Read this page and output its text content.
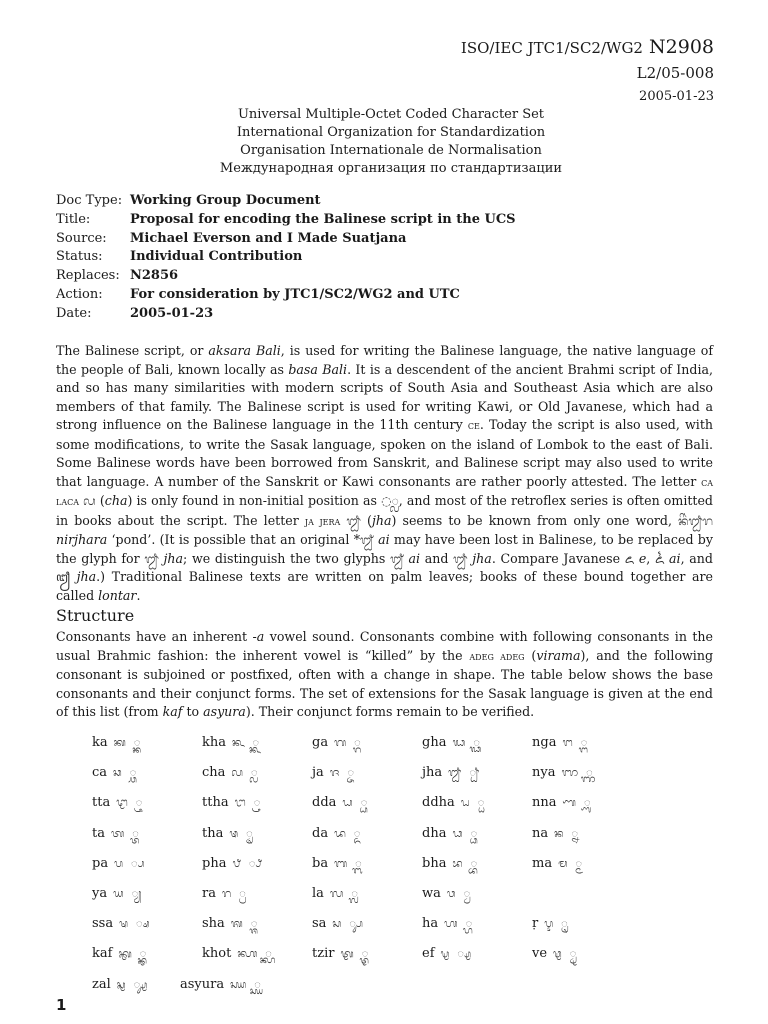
ISO/IEC JTC1/SC2/WG2 N2908
L2/05-008
2005-01-23
Universal Multiple-Octet Coded Character Set
International Organization for Standardization
Organisation Internationale de Normalisation
Международная организация по стандартизации
Doc Type: Working Group Document
Title:	Proposal for encoding the Balinese script in the UCS
Source:	Michael Everson and I Made Suatjana
Status:	Individual Contribution
Replaces: N2856
Action:	For consideration by JTC1/SC2/WG2 and UTC
Date:	2005-01-23
The Balinese script, or aksara Bali, is used for writing the Balinese language, the native language of the people of Bali, known locally as basa Bali. It is a descendent of the ancient Brahmi script of India, and so has many similarities with modern scripts of South Asia and Southeast Asia which are also members of that family. The Balinese script is used for writing Kawi, or Old Javanese, which had a strong influence on the Balinese language in the 11th century ce. Today the script is also used, with some modifications, to write the Sasak language, spoken on the island of Lombok to the east of Bali. Some Balinese words have been borrowed from Sanskrit, and Balinese script may also used to write that language. A number of the Sanskrit or Kawi consonants are rather poorly attested. The letter ca laca ᬙ (cha) is only found in non-initial position as ◌᭄ᬙ, and most of the retroflex series is often omitted in books about the script. The letter ja jera ᬛ (jha) seems to be known from only one word, ᬦᬶᬃᬛᬭ nirjhara ‘pond’. (It is possible that an original *ᬐ ai may have been lost in Balinese, to be replaced by the glyph for ᬛ jha; we distinguish the two glyphs ᬐ ai and ᬛ jha. Compare Javanese ꦌ e, ꦍ ai, and ꦙ jha.) Traditional Balinese texts are written on palm leaves; books of these bound together are called lontar.
Structure
Consonants have an inherent -a vowel sound. Consonants combine with following consonants in the usual Brahmic fashion: the inherent vowel is “killed” by the adeg adeg (virama), and the following consonant is subjoined or postfixed, often with a change in shape. The table below shows the base consonants and their conjunct forms. The set of extensions for the Sasak language is given at the end of this list (from kaf to asyura). Their conjunct forms remain to be verified.
ka ᬓ ◌᭄ᬓ	kha ᬔ ◌᭄ᬔ	ga ᬕ ◌᭄ᬕ	gha ᬖ ◌᭄ᬖ	nga ᬗ ◌᭄ᬗ
ca ᬘ ◌᭄ᬘ	cha ᬙ ◌᭄ᬙ	ja ᬚ ◌᭄ᬚ	jha ᬛ ◌᭄ᬛ	nya ᬜ ◌᭄ᬜ
tta ᬝ ◌᭄ᬝ	ttha ᬞ ◌᭄ᬞ	dda ᬟ ◌᭄ᬟ	ddha ᬠ ◌᭄ᬠ	nna ᬡ ◌᭄ᬡ
ta ᬢ ◌᭄ᬢ	tha ᬣ ◌᭄ᬣ	da ᬤ ◌᭄ᬤ	dha ᬥ ◌᭄ᬥ	na ᬦ ◌᭄ᬦ
pa ᬧ ◌᭄ᬧ	pha ᬨ ◌᭄ᬨ	ba ᬩ ◌᭄ᬩ	bha ᬪ ◌᭄ᬪ	ma ᬫ ◌᭄ᬫ
ya ᬬ ◌᭄ᬬ	ra ᬭ ◌᭄ᬭ	la ᬮ ◌᭄ᬮ	wa ᬯ ◌᭄ᬯ
ssa ᬱ ◌᭄ᬱ	sha ᬰ ◌᭄ᬰ	sa ᬲ ◌᭄ᬲ	ha ᬳ ◌᭄ᬳ	ṛ ᬋ ◌ᬺ
kaf ᭅ ◌᭄ᭅ	khot ᭆ ◌᭄ᭆ	tzir ᭇ ◌᭄ᭇ	ef ᭈ ◌᭄ᭈ	ve ᭉ ◌᭄ᭉ
zal ᭊ ◌᭄ᭊ	asyura ᭋ ◌᭄ᭋ
1
